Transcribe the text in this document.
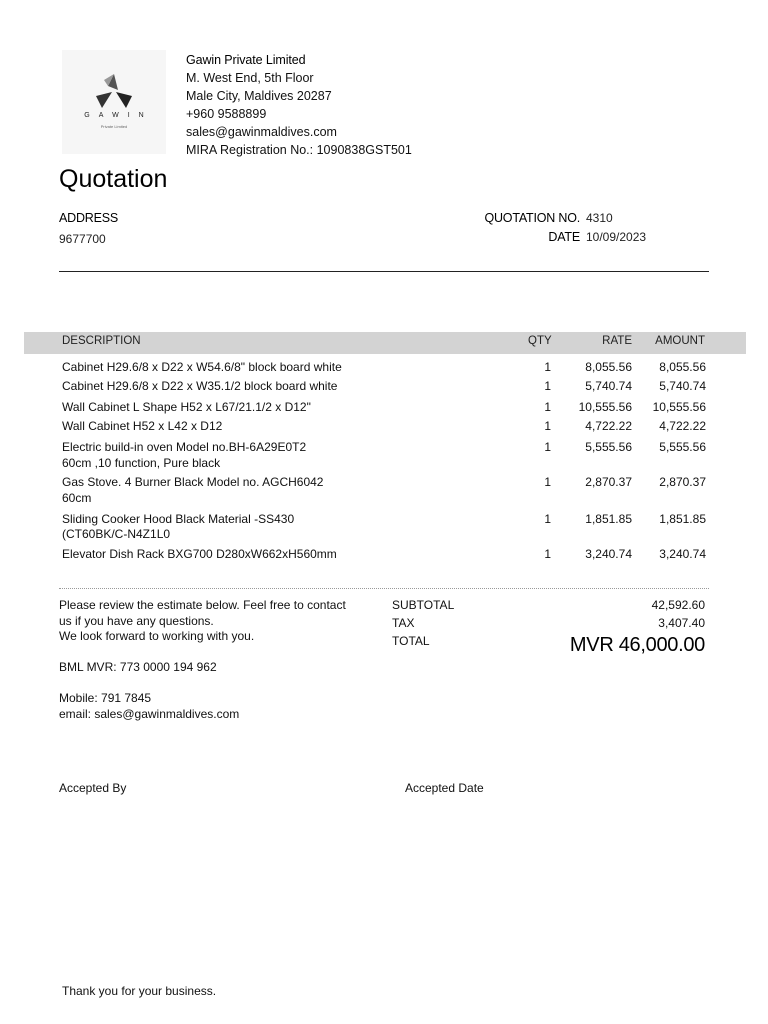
GAWIN
Private Limited
Gawin Private Limited
M. West End, 5th Floor
Male City, Maldives 20287
+960 9588899
sales@gawinmaldives.com
MIRA Registration No.: 1090838GST501
Quotation
ADDRESS
9677700
QUOTATION NO. 4310
DATE 10/09/2023
DESCRIPTION	QTY	RATE AMOUNT
Cabinet H29.6/8 x D22 x W54.6/8" block board white	1	8,055.56 8,055.56
Cabinet H29.6/8 x D22 x W35.1/2 block board white	1	5,740.74 5,740.74
Wall Cabinet L Shape H52 x L67/21.1/2 x D12"	1 10,555.56 10,555.56
Wall Cabinet H52 x L42 x D12	1	4,722.22 4,722.22
Electric build-in oven Model no.BH-6A29E0T2
60cm ,10 function, Pure black
1	5,555.56 5,555.56
Gas Stove. 4 Burner Black Model no. AGCH6042
60cm
1	2,870.37 2,870.37
Sliding Cooker Hood Black Material -SS430
(CT60BK/C-N4Z1L0
1	1,851.85 1,851.85
Elevator Dish Rack BXG700 D280xW662xH560mm	1	3,240.74 3,240.74
Please review the estimate below. Feel free to contact
us if you have any questions.
We look forward to working with you.
BML MVR: 773 0000 194 962
Mobile: 791 7845
email: sales@gawinmaldives.com
SUBTOTAL	42,592.60
TAX	3,407.40
TOTAL	MVR 46,000.00
Accepted By	Accepted Date
Thank you for your business.
